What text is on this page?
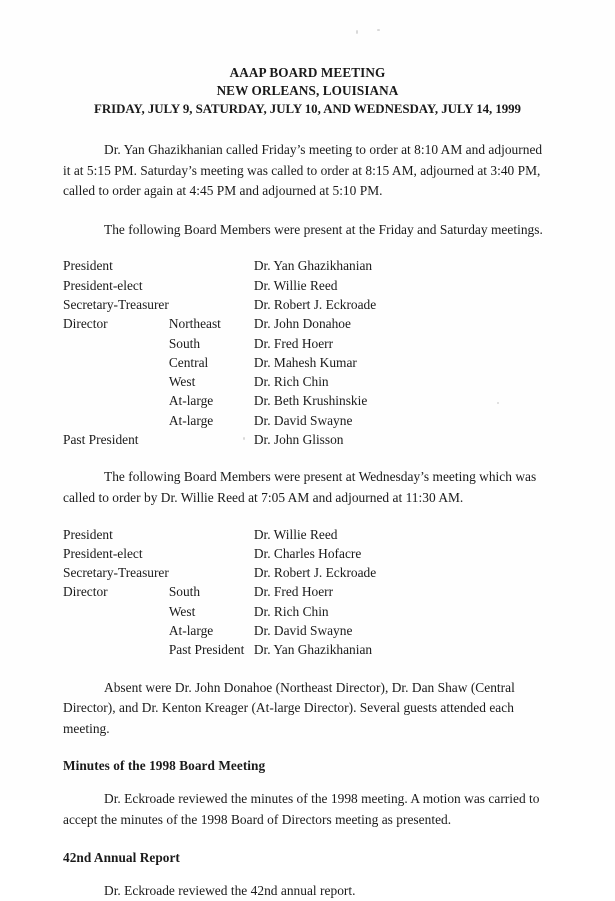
AAAP BOARD MEETING
NEW ORLEANS, LOUISIANA
FRIDAY, JULY 9, SATURDAY, JULY 10, AND WEDNESDAY, JULY 14, 1999

Dr. Yan Ghazikhanian called Friday’s meeting to order at 8:10 AM and adjourned it at 5:15 PM. Saturday’s meeting was called to order at 8:15 AM, adjourned at 3:40 PM, called to order again at 4:45 PM and adjourned at 5:10 PM.

The following Board Members were present at the Friday and Saturday meetings.

President		Dr. Yan Ghazikhanian
President-elect		Dr. Willie Reed
Secretary-Treasurer		Dr. Robert J. Eckroade
Director	Northeast	Dr. John Donahoe
	South	Dr. Fred Hoerr
	Central	Dr. Mahesh Kumar
	West	Dr. Rich Chin
	At-large	Dr. Beth Krushinskie
	At-large	Dr. David Swayne
Past President		Dr. John Glisson

The following Board Members were present at Wednesday’s meeting which was called to order by Dr. Willie Reed at 7:05 AM and adjourned at 11:30 AM.

President		Dr. Willie Reed
President-elect		Dr. Charles Hofacre
Secretary-Treasurer		Dr. Robert J. Eckroade
Director	South	Dr. Fred Hoerr
	West	Dr. Rich Chin
	At-large	Dr. David Swayne
	Past President	Dr. Yan Ghazikhanian

Absent were Dr. John Donahoe (Northeast Director), Dr. Dan Shaw (Central Director), and Dr. Kenton Kreager (At-large Director). Several guests attended each meeting.

Minutes of the 1998 Board Meeting

Dr. Eckroade reviewed the minutes of the 1998 meeting. A motion was carried to accept the minutes of the 1998 Board of Directors meeting as presented.

42nd Annual Report

Dr. Eckroade reviewed the 42nd annual report.
